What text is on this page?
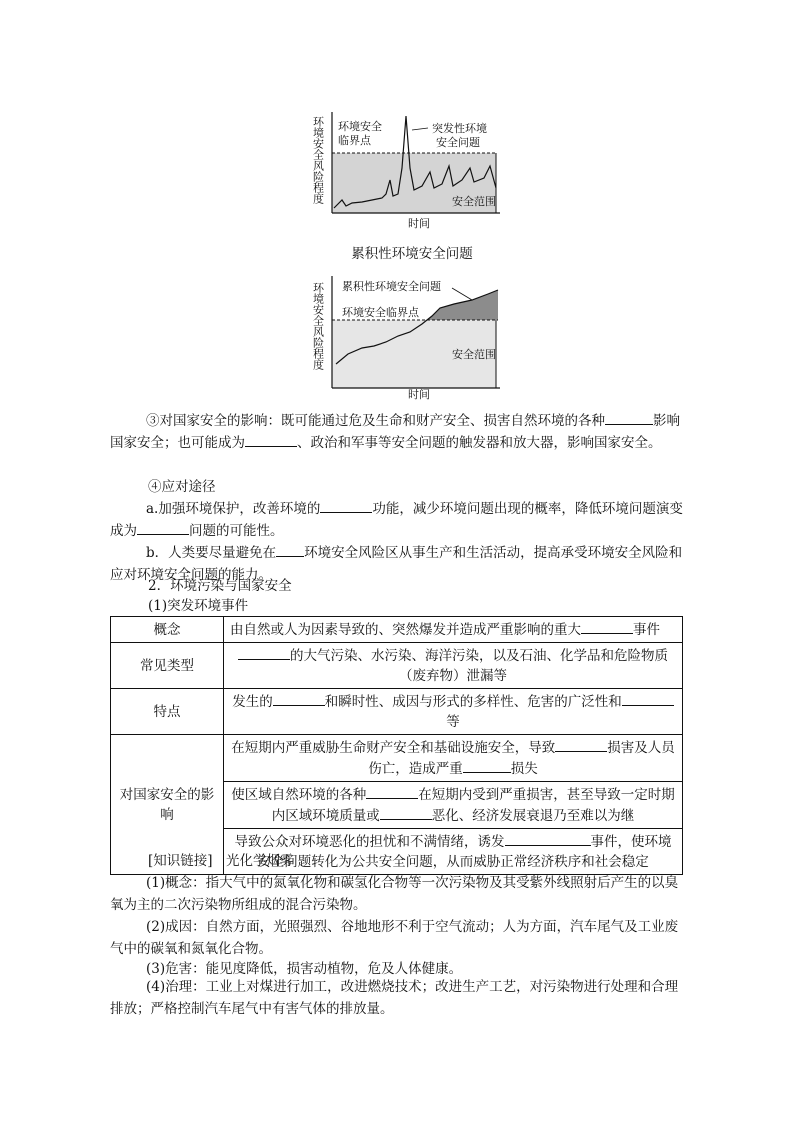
环境安全
临界点
突发性环境
安全问题
安全范围
时间
环境安全风险程度
累积性环境安全问题
累积性环境安全问题
环境安全临界点
安全范围
时间
环境安全风险程度

③对国家安全的影响：既可能通过危及生命和财产安全、损害自然环境的各种	影响国家安全；也可能成为	、政治和军事等安全问题的触发器和放大器，影响国家安全。

④应对途径

a.加强环境保护，改善环境的	功能，减少环境问题出现的概率，降低环境问题演变成为	问题的可能性。

b．人类要尽量避免在 环境安全风险区从事生产和生活活动，提高承受环境安全风险和应对环境安全问题的能力。

2．环境污染与国家安全

(1)突发环境事件

概念	由自然或人为因素导致的、突然爆发并造成严重影响的重大 事件
常见类型	的大气污染、水污染、海洋污染，以及石油、化学品和危险物质（废弃物）泄漏等
特点	发生的 和瞬时性、成因与形式的多样性、危害的广泛性和等
对国家安全的影响	在短期内严重威胁生命财产安全和基础设施安全，导致 损害及人员伤亡，造成严重 损失
	使区域自然环境的各种 在短期内受到严重损害，甚至导致一定时期内区域环境质量或 恶化、经济发展衰退乃至难以为继
	导致公众对环境恶化的担忧和不满情绪，诱发 事件，使环境安全问题转化为公共安全问题，从而威胁正常经济秩序和社会稳定

[知识链接]　光化学烟雾

(1)概念：指大气中的氮氧化物和碳氢化合物等一次污染物及其受紫外线照射后产生的以臭氧为主的二次污染物所组成的混合污染物。

(2)成因：自然方面，光照强烈、谷地地形不利于空气流动；人为方面，汽车尾气及工业废气中的碳氧和氮氧化合物。

(3)危害：能见度降低，损害动植物，危及人体健康。

(4)治理：工业上对煤进行加工，改进燃烧技术；改进生产工艺，对污染物进行处理和合理排放；严格控制汽车尾气中有害气体的排放量。
